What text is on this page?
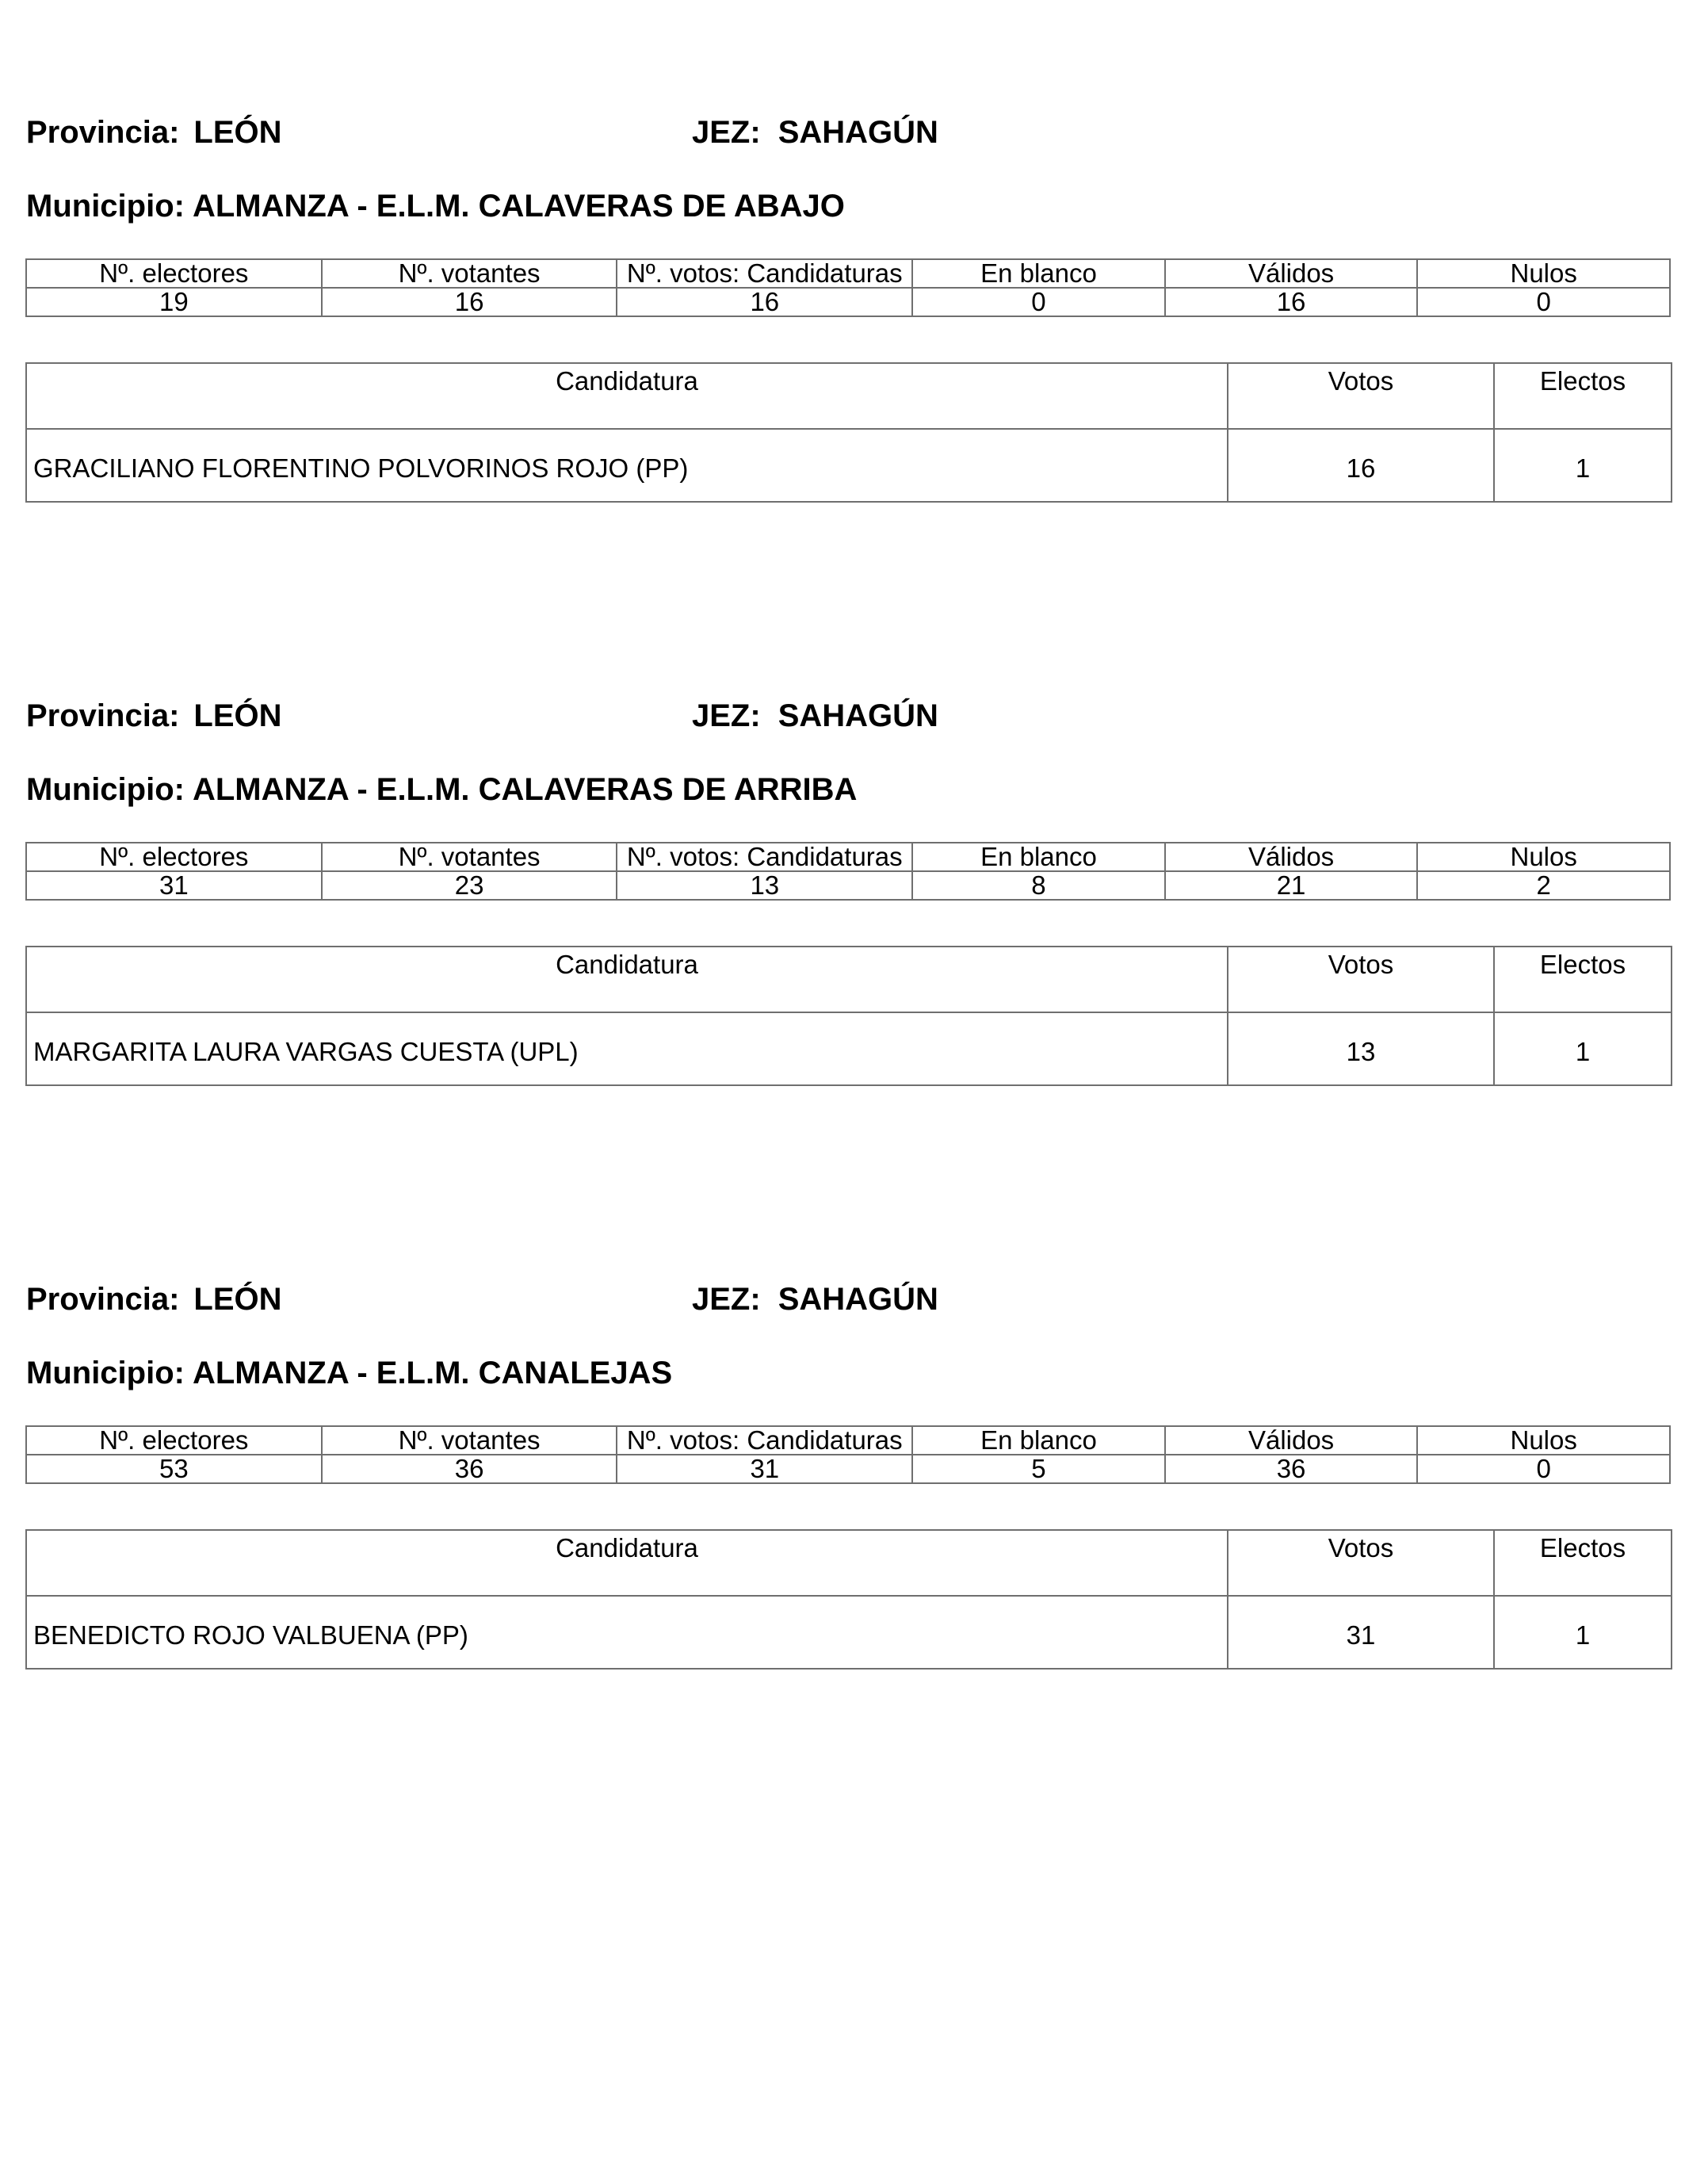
Provincia: LEÓN	JEZ: SAHAGÚN
Municipio: ALMANZA - E.L.M. CALAVERAS DE ABAJO
Nº. electores	Nº. votantes	Nº. votos: Candidaturas	En blanco	Válidos	Nulos
19	16	16	0	16	0
Candidatura	Votos	Electos
GRACILIANO FLORENTINO POLVORINOS ROJO (PP)	16	1
Provincia: LEÓN	JEZ: SAHAGÚN
Municipio: ALMANZA - E.L.M. CALAVERAS DE ARRIBA
Nº. electores	Nº. votantes	Nº. votos: Candidaturas	En blanco	Válidos	Nulos
31	23	13	8	21	2
Candidatura	Votos	Electos
MARGARITA LAURA VARGAS CUESTA (UPL)	13	1
Provincia: LEÓN	JEZ: SAHAGÚN
Municipio: ALMANZA - E.L.M. CANALEJAS
Nº. electores	Nº. votantes	Nº. votos: Candidaturas	En blanco	Válidos	Nulos
53	36	31	5	36	0
Candidatura	Votos	Electos
BENEDICTO ROJO VALBUENA (PP)	31	1
